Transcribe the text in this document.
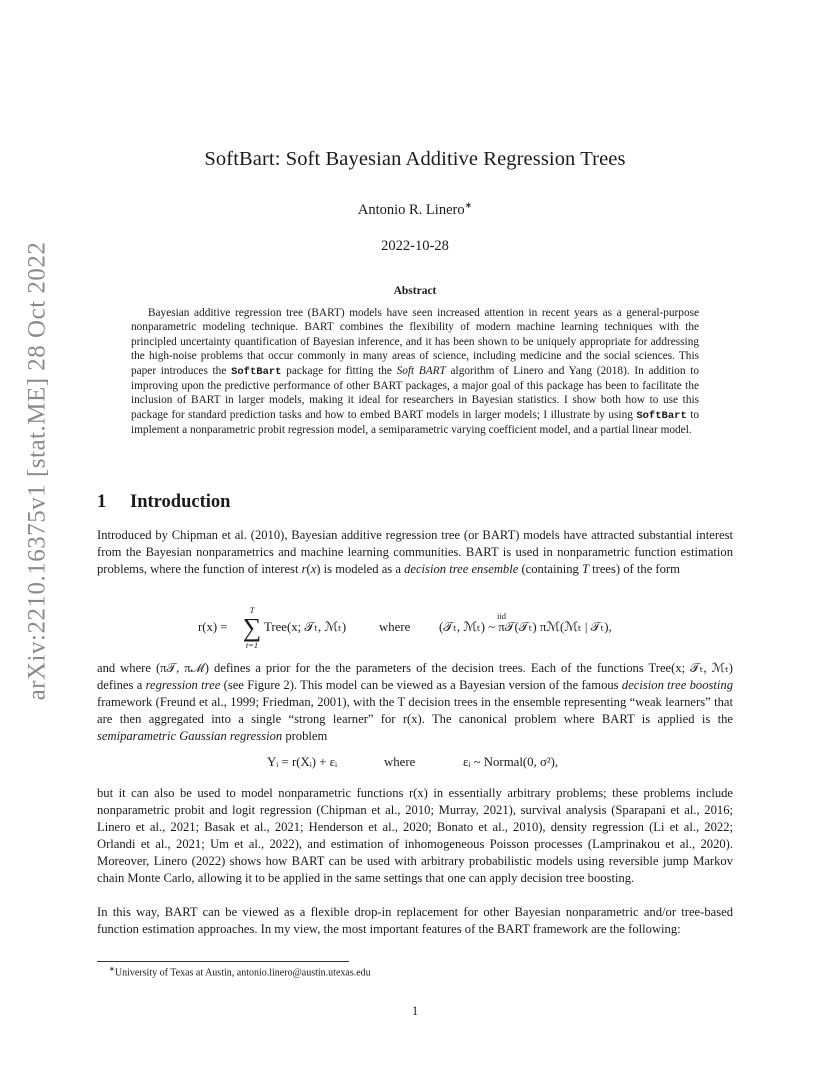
arXiv:2210.16375v1 [stat.ME] 28 Oct 2022
SoftBart: Soft Bayesian Additive Regression Trees
Antonio R. Linero∗
2022-10-28
Abstract
Bayesian additive regression tree (BART) models have seen increased attention in recent years as a general-purpose nonparametric modeling technique. BART combines the flexibility of modern machine learning techniques with the principled uncertainty quantification of Bayesian inference, and it has been shown to be uniquely appropriate for addressing the high-noise problems that occur commonly in many areas of science, including medicine and the social sciences. This paper introduces the SoftBart package for fitting the Soft BART algorithm of Linero and Yang (2018). In addition to improving upon the predictive performance of other BART packages, a major goal of this package has been to facilitate the inclusion of BART in larger models, making it ideal for researchers in Bayesian statistics. I show both how to use this package for standard prediction tasks and how to embed BART models in larger models; I illustrate by using SoftBart to implement a nonparametric probit regression model, a semiparametric varying coefficient model, and a partial linear model.
1 Introduction
Introduced by Chipman et al. (2010), Bayesian additive regression tree (or BART) models have attracted substantial interest from the Bayesian nonparametrics and machine learning communities. BART is used in nonparametric function estimation problems, where the function of interest r(x) is modeled as a decision tree ensemble (containing T trees) of the form
r(x) =
T
∑
t=1
Tree(x; 𝒯ₜ, ℳₜ)	where (𝒯ₜ, ℳₜ) ~ π𝒯(𝒯ₜ) πℳ(ℳₜ | 𝒯ₜ),
iid
and where (π𝒯, πℳ) defines a prior for the the parameters of the decision trees. Each of the functions Tree(x; 𝒯ₜ, ℳₜ) defines a regression tree (see Figure 2). This model can be viewed as a Bayesian version of the famous decision tree boosting framework (Freund et al., 1999; Friedman, 2001), with the T decision trees in the ensemble representing “weak learners” that are then aggregated into a single “strong learner” for r(x). The canonical problem where BART is applied is the semiparametric Gaussian regression problem
Yᵢ = r(Xᵢ) + εᵢ	where	εᵢ ~ Normal(0, σ²),
but it can also be used to model nonparametric functions r(x) in essentially arbitrary problems; these problems include nonparametric probit and logit regression (Chipman et al., 2010; Murray, 2021), survival analysis (Sparapani et al., 2016; Linero et al., 2021; Basak et al., 2021; Henderson et al., 2020; Bonato et al., 2010), density regression (Li et al., 2022; Orlandi et al., 2021; Um et al., 2022), and estimation of inhomogeneous Poisson processes (Lamprinakou et al., 2020). Moreover, Linero (2022) shows how BART can be used with arbitrary probabilistic models using reversible jump Markov chain Monte Carlo, allowing it to be applied in the same settings that one can apply decision tree boosting.
In this way, BART can be viewed as a flexible drop-in replacement for other Bayesian nonparametric and/or tree-based function estimation approaches. In my view, the most important features of the BART framework are the following:
∗University of Texas at Austin, antonio.linero@austin.utexas.edu
1
